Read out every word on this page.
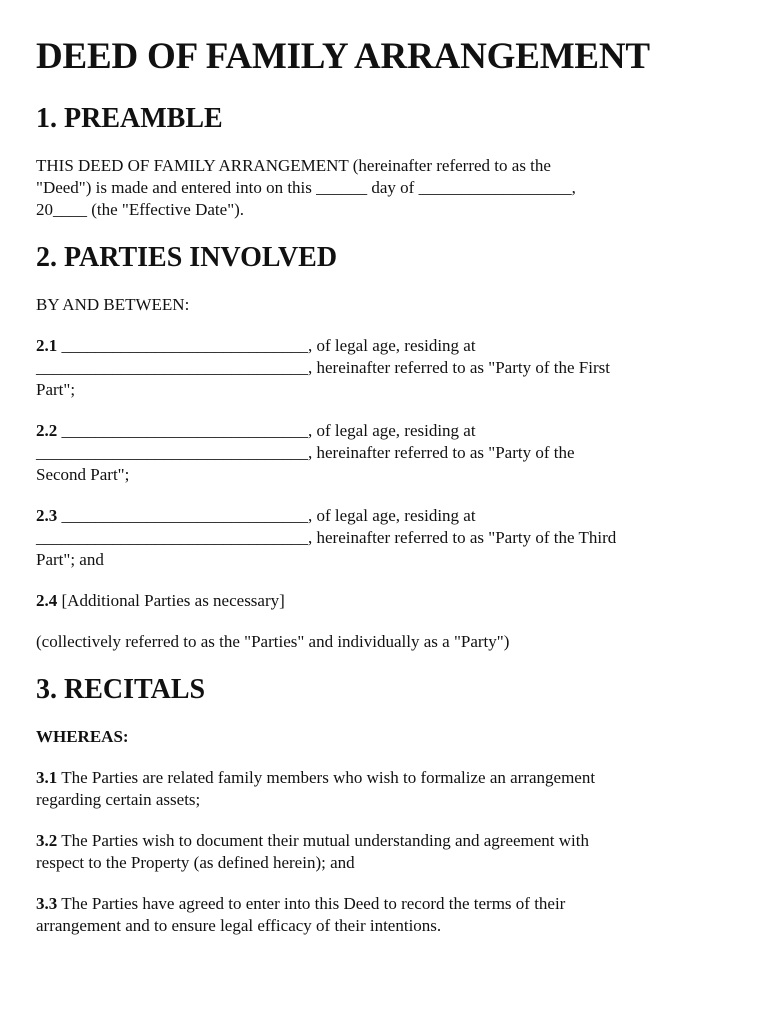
DEED OF FAMILY ARRANGEMENT
1. PREAMBLE

THIS DEED OF FAMILY ARRANGEMENT (hereinafter referred to as the
"Deed") is made and entered into on this ______ day of __________________,
20____ (the "Effective Date").

2. PARTIES INVOLVED

BY AND BETWEEN:

2.1 _____________________________, of legal age, residing at
________________________________, hereinafter referred to as "Party of the First
Part";

2.2 _____________________________, of legal age, residing at
________________________________, hereinafter referred to as "Party of the
Second Part";

2.3 _____________________________, of legal age, residing at
________________________________, hereinafter referred to as "Party of the Third
Part"; and

2.4 [Additional Parties as necessary]

(collectively referred to as the "Parties" and individually as a "Party")

3. RECITALS

WHEREAS:

3.1 The Parties are related family members who wish to formalize an arrangement
regarding certain assets;

3.2 The Parties wish to document their mutual understanding and agreement with
respect to the Property (as defined herein); and

3.3 The Parties have agreed to enter into this Deed to record the terms of their
arrangement and to ensure legal efficacy of their intentions.
